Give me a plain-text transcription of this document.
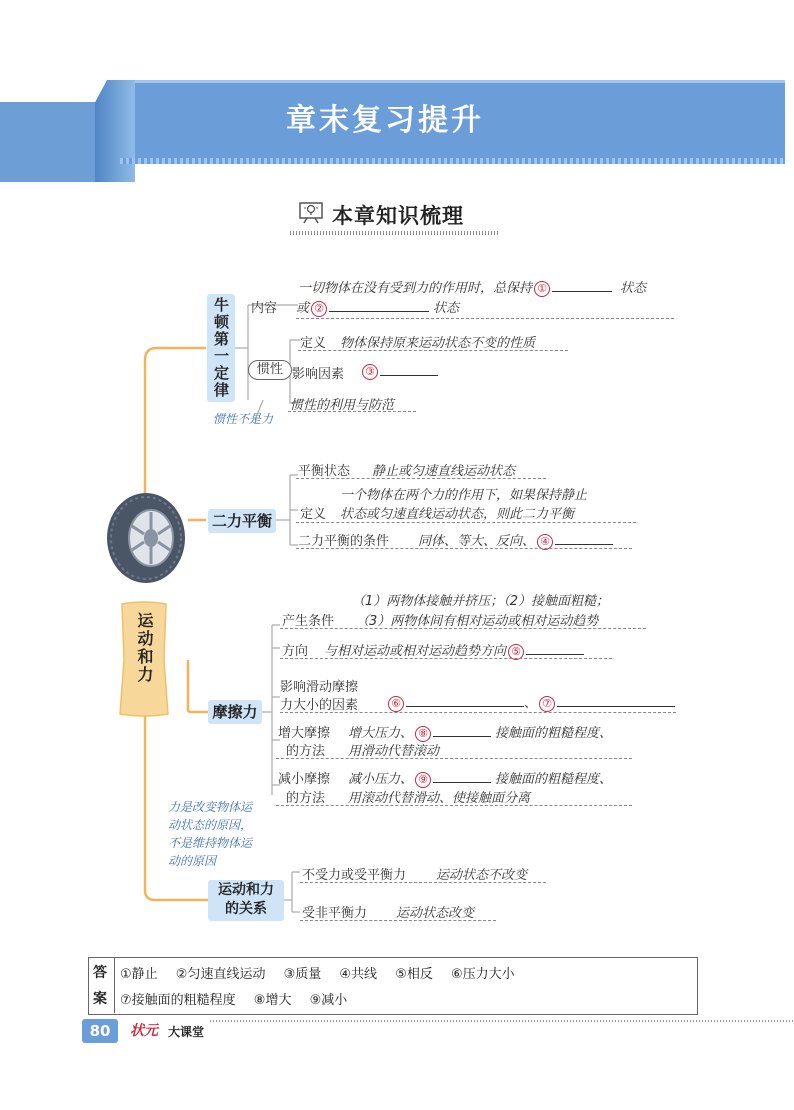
章末复习提升
本章知识梳理
运动和力
牛顿第一定律	内容
一切物体在没有受到力的作用时，总保持 ①	状态
或 ②	状态
惯性
定义 物体保持原来运动状态不变的性质
影响因素	③
惯性的利用与防范
惯性不是力
二力平衡
平衡状态 静止或匀速直线运动状态
定义
一个物体在两个力的作用下，如果保持静止
状态或匀速直线运动状态，则此二力平衡
二力平衡的条件 同体、等大、反向、 ④
摩擦力
（1）两物体接触并挤压；（2）接触面粗糙；
产生条件 （3）两物体间有相对运动或相对运动趋势
方向 与相对运动或相对运动趋势方向 ⑤
影响滑动摩擦
力大小的因素	⑥	、 ⑦
增大摩擦
的方法
增大压力、 ⑧	接触面的粗糙程度、
用滑动代替滚动
减小摩擦
的方法
减小压力、 ⑨	接触面的粗糙程度、
用滚动代替滑动、使接触面分离
力是改变物体运
动状态的原因，
不是维持物体运
动的原因
运动和力
的关系
不受力或受平衡力 运动状态不改变
受非平衡力 运动状态改变
答
案
①静止 ②匀速直线运动 ③质量 ④共线 ⑤相反 ⑥压力大小
⑦接触面的粗糙程度 ⑧增大 ⑨减小
80	状元 大课堂
